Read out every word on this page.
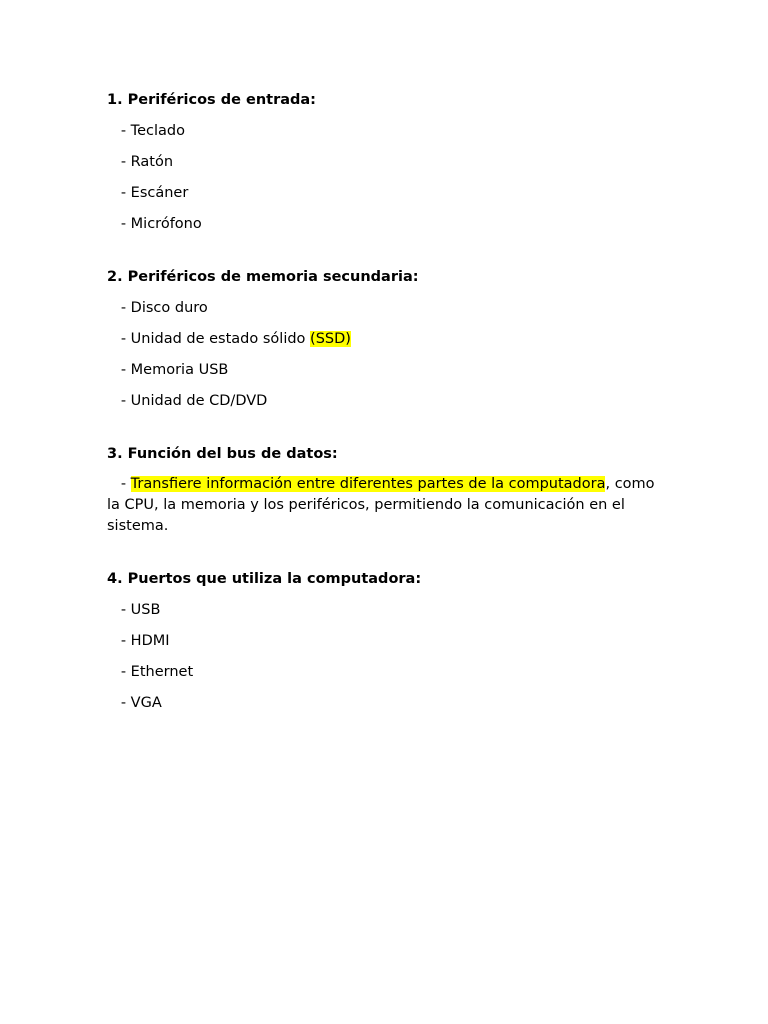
1. Periféricos de entrada:
- Teclado
- Ratón
- Escáner
- Micrófono
2. Periféricos de memoria secundaria:
- Disco duro
- Unidad de estado sólido (SSD)
- Memoria USB
- Unidad de CD/DVD
3. Función del bus de datos:

- Transfiere información entre diferentes partes de la computadora, como la CPU, la memoria y los periféricos, permitiendo la comunicación en el sistema.

4. Puertos que utiliza la computadora:
- USB
- HDMI
- Ethernet
- VGA
